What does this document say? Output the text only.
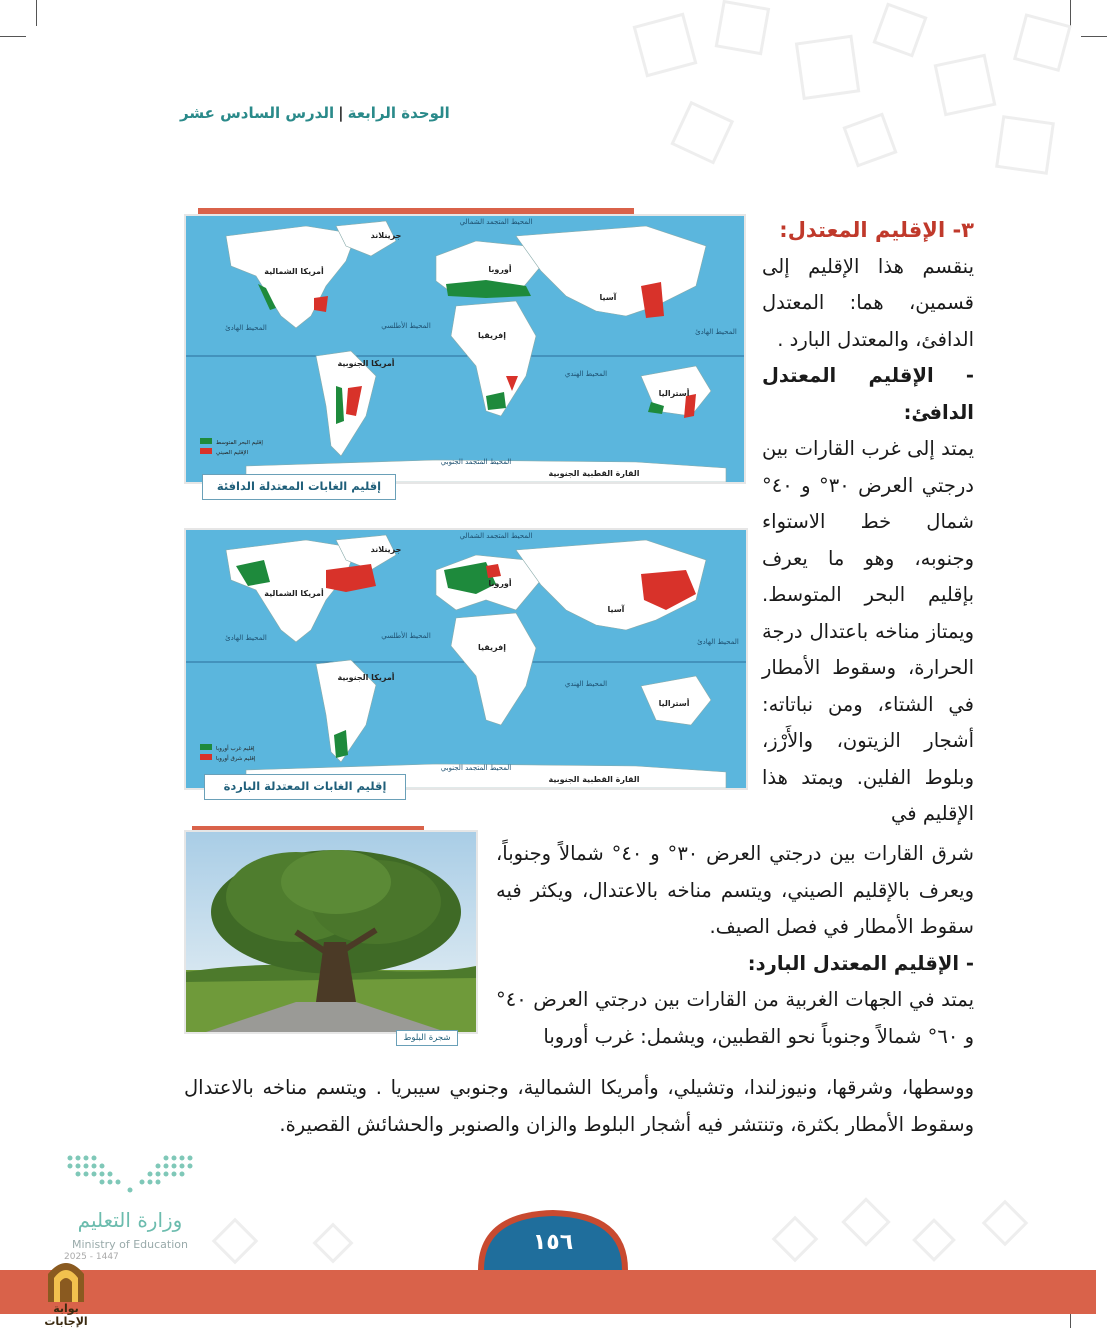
الوحدة الرابعة|الدرس السادس عشر
أمريكا الشمالية
أمريكا الجنوبية
أوروبا
إفريقيا
آسيا
أستراليا
القارة القطبية الجنوبية
جرينلاند
المحيط الهادئ	المحيط الأطلسي
المحيط الهندي
المحيط الهادئ
المحيط المتجمد الجنوبي
المحيط المتجمد الشمالي
إقليم البحر المتوسط
الإقليم الصيني
إقليم الغابات المعتدلة الدافئة
أمريكا الشمالية
أمريكا الجنوبية
أوروبا
إفريقيا
آسيا
أستراليا
القارة القطبية الجنوبية
جرينلاند
المحيط الهادئ	المحيط الأطلسي
المحيط الهندي
المحيط الهادئ
المحيط المتجمد الجنوبي
المحيط المتجمد الشمالي
إقليم غرب أوروبا
إقليم شرق أوروبا
إقليم الغابات المعتدلة الباردة
شجرة البلوط
٣- الإقليم المعتدل:
ينقسم هذا الإقليم إلى قسمين، هما: المعتدل الدافئ، والمعتدل البارد .
- الإقليم المعتدل الدافئ:
يمتد إلى غرب القارات بين درجتي العرض ٣٠° و ٤٠° شمال خط الاستواء وجنوبه، وهو ما يعرف بإقليم البحر المتوسط. ويمتاز مناخه باعتدال درجة الحرارة، وسقوط الأمطار في الشتاء، ومن نباتاته: أشجار الزيتون، والأَرْز، وبلوط الفلين. ويمتد هذا الإقليم في
شرق القارات بين درجتي العرض ٣٠° و ٤٠° شمالاً وجنوباً، ويعرف بالإقليم الصيني، ويتسم مناخه بالاعتدال، ويكثر فيه سقوط الأمطار في فصل الصيف.
- الإقليم المعتدل البارد:
يمتد في الجهات الغربية من القارات بين درجتي العرض ٤٠° و ٦٠° شمالاً وجنوباً نحو القطبين، ويشمل: غرب أوروبا
ووسطها، وشرقها، ونيوزلندا، وتشيلي، وأمريكا الشمالية، وجنوبي سيبريا . ويتسم مناخه بالاعتدال وسقوط الأمطار بكثرة، وتنتشر فيه أشجار البلوط والزان والصنوبر والحشائش القصيرة.
وزارة التعليم
Ministry of Education
2025 - 1447
١٥٦
بوابة الإجابات
